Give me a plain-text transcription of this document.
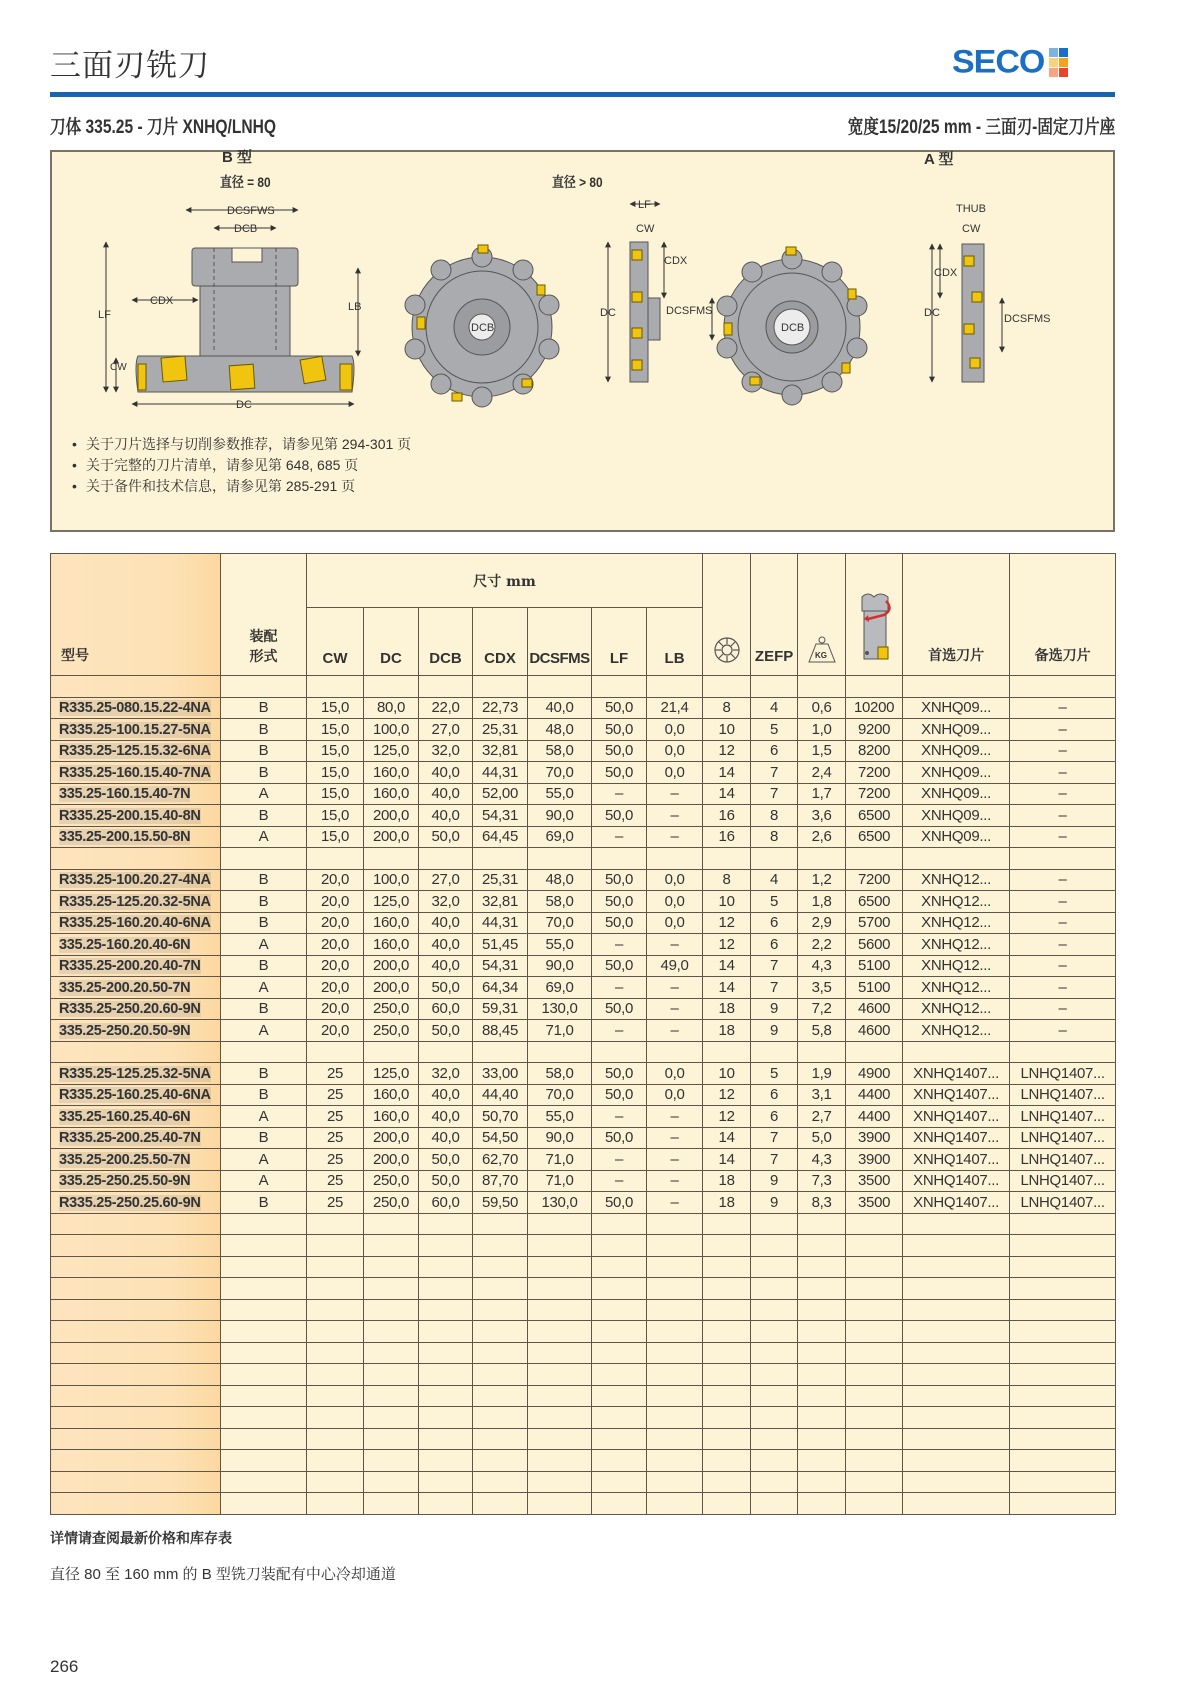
三面刃铣刀	SECO
刀体 335.25 - 刀片 XNHQ/LNHQ	宽度15/20/25 mm - 三面刃-固定刀片座
DCSFWS
DCB
LF
CDX	LB
CW
DC
DCB
DC
LF
CW
CDX
DCSFMS
DCB
DC
CDX
THUB
CW
DCSFMS
B 型	A 型
直径 = 80	直径 > 80
• 关于刀片选择与切削参数推荐，请参见第 294-301 页
• 关于完整的刀片清单，请参见第 648, 685 页
• 关于备件和技术信息，请参见第 285-291 页
型号	装配
形式	尺寸 mm								ZEFP	KG		首选刀片	备选刀片
		CW	DC	DCB	CDX	DCSFMS	LF	LB						

R335.25-080.15.22-4NA	B	15,0	80,0	22,0	22,73	40,0	50,0	21,4	8	4	0,6	10200	XNHQ09...	–
R335.25-100.15.27-5NA	B	15,0	100,0	27,0	25,31	48,0	50,0	0,0	10	5	1,0	9200	XNHQ09...	–
R335.25-125.15.32-6NA	B	15,0	125,0	32,0	32,81	58,0	50,0	0,0	12	6	1,5	8200	XNHQ09...	–
R335.25-160.15.40-7NA	B	15,0	160,0	40,0	44,31	70,0	50,0	0,0	14	7	2,4	7200	XNHQ09...	–
335.25-160.15.40-7N	A	15,0	160,0	40,0	52,00	55,0	–	–	14	7	1,7	7200	XNHQ09...	–
R335.25-200.15.40-8N	B	15,0	200,0	40,0	54,31	90,0	50,0	–	16	8	3,6	6500	XNHQ09...	–
335.25-200.15.50-8N	A	15,0	200,0	50,0	64,45	69,0	–	–	16	8	2,6	6500	XNHQ09...	–

R335.25-100.20.27-4NA	B	20,0	100,0	27,0	25,31	48,0	50,0	0,0	8	4	1,2	7200	XNHQ12...	–
R335.25-125.20.32-5NA	B	20,0	125,0	32,0	32,81	58,0	50,0	0,0	10	5	1,8	6500	XNHQ12...	–
R335.25-160.20.40-6NA	B	20,0	160,0	40,0	44,31	70,0	50,0	0,0	12	6	2,9	5700	XNHQ12...	–
335.25-160.20.40-6N	A	20,0	160,0	40,0	51,45	55,0	–	–	12	6	2,2	5600	XNHQ12...	–
R335.25-200.20.40-7N	B	20,0	200,0	40,0	54,31	90,0	50,0	49,0	14	7	4,3	5100	XNHQ12...	–
335.25-200.20.50-7N	A	20,0	200,0	50,0	64,34	69,0	–	–	14	7	3,5	5100	XNHQ12...	–
R335.25-250.20.60-9N	B	20,0	250,0	60,0	59,31	130,0	50,0	–	18	9	7,2	4600	XNHQ12...	–
335.25-250.20.50-9N	A	20,0	250,0	50,0	88,45	71,0	–	–	18	9	5,8	4600	XNHQ12...	–

R335.25-125.25.32-5NA	B	25	125,0	32,0	33,00	58,0	50,0	0,0	10	5	1,9	4900	XNHQ1407...	LNHQ1407...
R335.25-160.25.40-6NA	B	25	160,0	40,0	44,40	70,0	50,0	0,0	12	6	3,1	4400	XNHQ1407...	LNHQ1407...
335.25-160.25.40-6N	A	25	160,0	40,0	50,70	55,0	–	–	12	6	2,7	4400	XNHQ1407...	LNHQ1407...
R335.25-200.25.40-7N	B	25	200,0	40,0	54,50	90,0	50,0	–	14	7	5,0	3900	XNHQ1407...	LNHQ1407...
335.25-200.25.50-7N	A	25	200,0	50,0	62,70	71,0	–	–	14	7	4,3	3900	XNHQ1407...	LNHQ1407...
335.25-250.25.50-9N	A	25	250,0	50,0	87,70	71,0	–	–	18	9	7,3	3500	XNHQ1407...	LNHQ1407...
R335.25-250.25.60-9N	B	25	250,0	60,0	59,50	130,0	50,0	–	18	9	8,3	3500	XNHQ1407...	LNHQ1407...

详情请查阅最新价格和库存表
直径 80 至 160 mm 的 B 型铣刀装配有中心冷却通道
266
